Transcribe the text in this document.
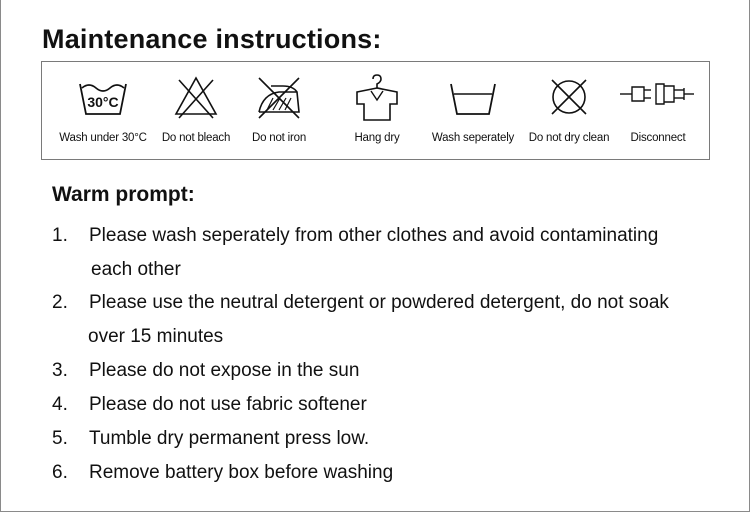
Maintenance instructions:
30°C
Wash under 30°C	Do not bleach	Do not iron	Hang dry	Wash seperately	Do not dry clean	Disconnect
Warm prompt:
1. Please wash seperately from other clothes and avoid contaminating
each other
2. Please use the neutral detergent or powdered detergent, do not soak
over 15 minutes
3. Please do not expose in the sun
4. Please do not use fabric softener
5. Tumble dry permanent press low.
6. Remove battery box before washing
